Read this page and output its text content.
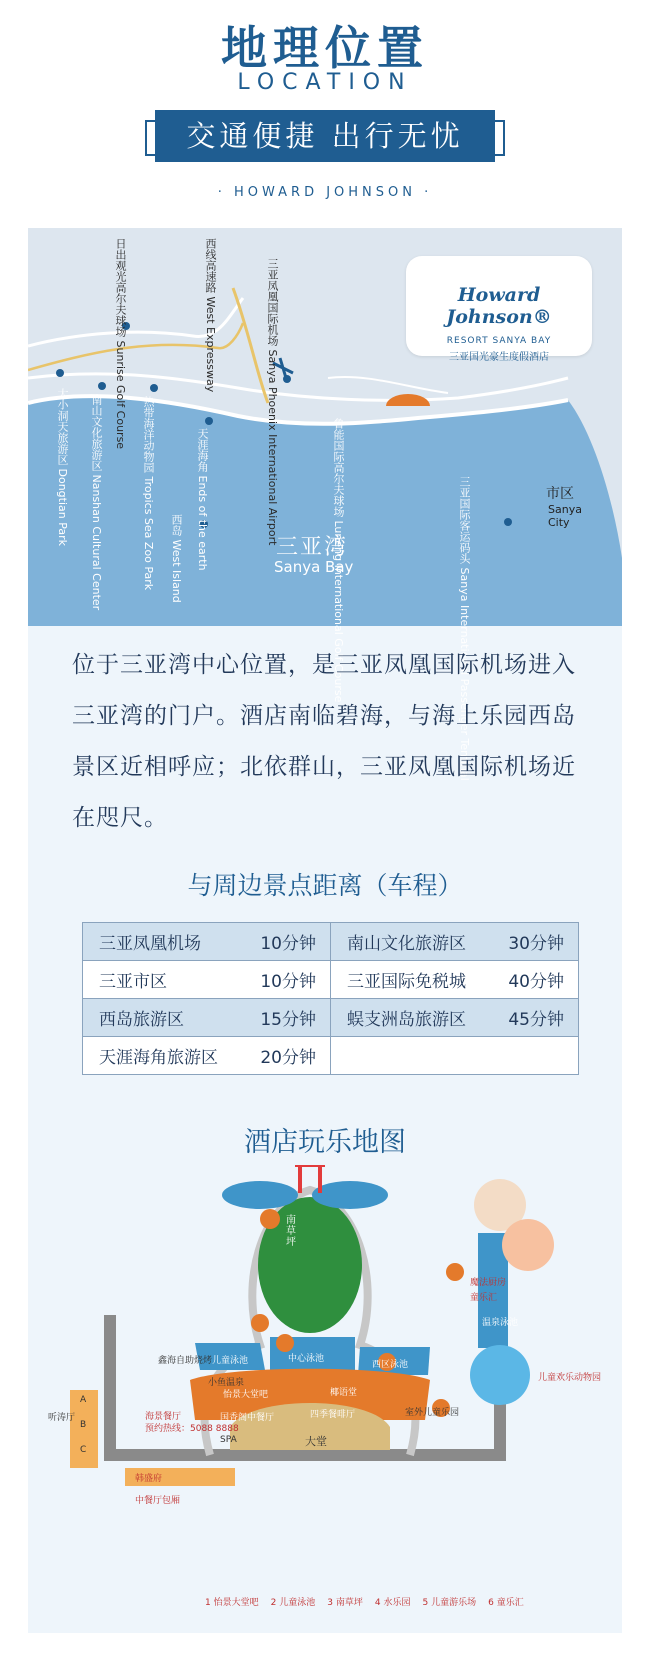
地理位置
LOCATION
交通便捷 出行无忧
· HOWARD JOHNSON ·
日出观光高尔夫球场 Sunrise Golf Course	西线高速路 West Expressway	三亚凤凰国际机场 Sanya Phoenix International Airport
大小洞天旅游区 Dongtian Park 南山文化旅游区 Nanshan Cultural Center	热带海洋动物园 Tropics Sea Zoo Park	天涯海角 Ends of the earth
西岛 West Island	鲁能国际高尔夫球场 Luneng International Golf Course	三亚国际客运码头 Sanya International Passenger Teminal	市区
Sanya
City
三亚湾
Sanya Bay
Howard Johnson®
RESORT SANYA BAY
三亚国光豪生度假酒店
位于三亚湾中心位置，是三亚凤凰国际机场进入三亚湾的门户。酒店南临碧海，与海上乐园西岛景区近相呼应；北依群山，三亚凤凰国际机场近在咫尺。
与周边景点距离（车程）
三亚凤凰机场 10分钟	南山文化旅游区 30分钟

三亚市区 10分钟	三亚国际免税城 40分钟

西岛旅游区 15分钟	蜈支洲岛旅游区 45分钟

天涯海角旅游区 20分钟	

酒店玩乐地图
南
草
坪
中心泳池
西区泳池
儿童泳池
椰语堂
怡景大堂吧
四季餐啡厅
国香阁中餐厅
大堂
SPA
鑫海自助烧烤
小鱼温泉
魔法厨房
童乐汇
温泉泳池
室外儿童乐园
儿童欢乐动物园
听涛厅
韩盛府
中餐厅包厢
海景餐厅
预约热线：5088 8888
A
B
C
1 怡景大堂吧 2 儿童泳池 3 南草坪 4 水乐园 5 儿童游乐场 6 童乐汇
